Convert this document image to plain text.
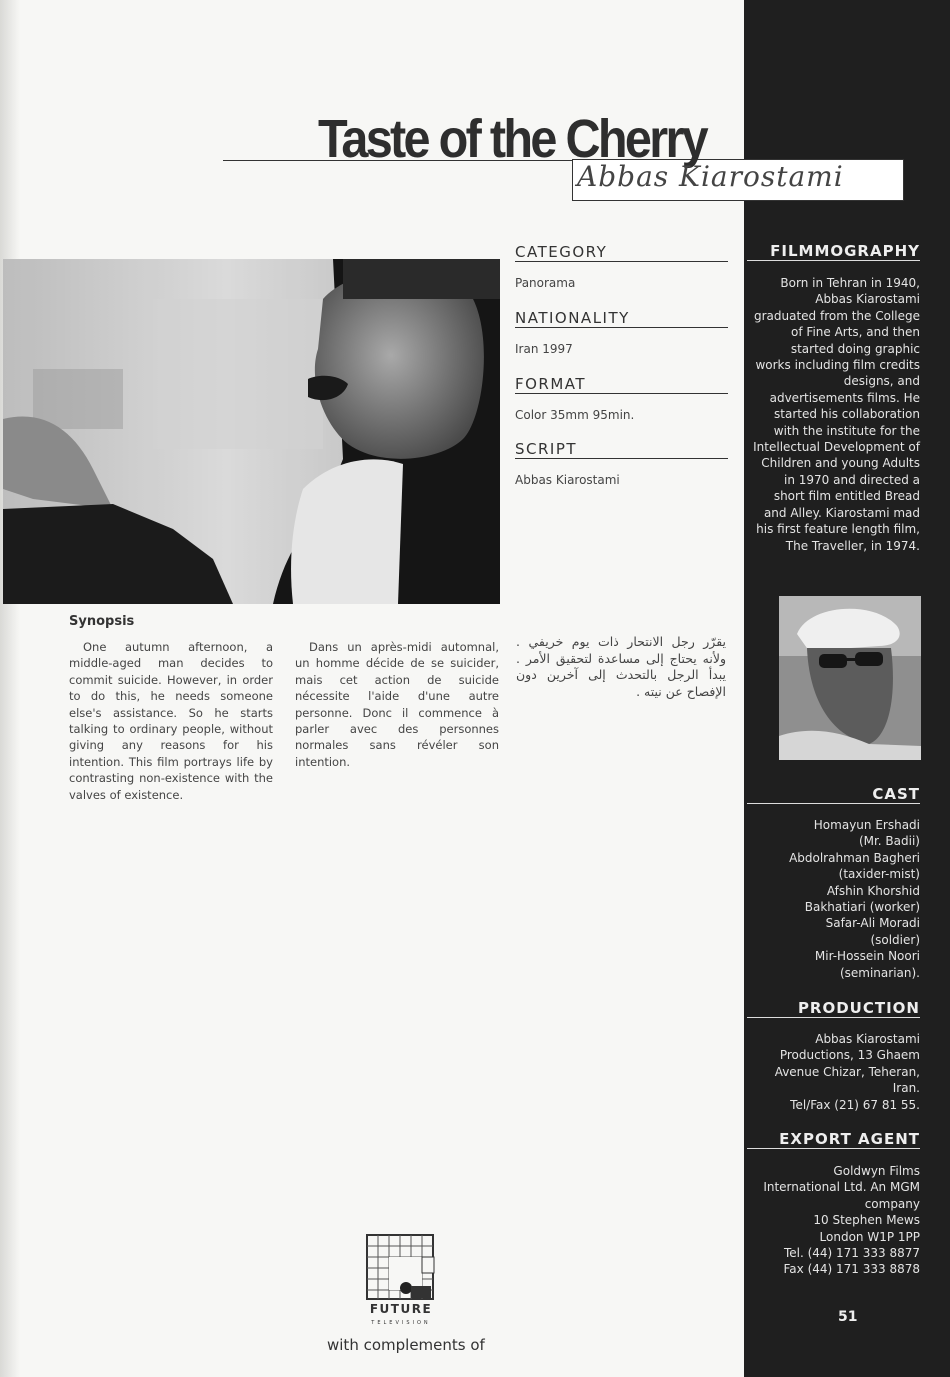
Taste of the Cherry
Abbas Kiarostami
CATEGORY
Panorama
NATIONALITY
Iran 1997
FORMAT
Color 35mm 95min.
SCRIPT
Abbas Kiarostami
Synopsis
One autumn afternoon, a middle-aged man decides to commit suicide. However, in order to do this, he needs someone else's assistance. So he starts talking to ordinary people, without giving any reasons for his intention. This film portrays life by contrasting non-existence with the valves of existence.
Dans un après-midi automnal, un homme décide de se suicider, mais cet action de suicide nécessite l'aide d'une autre personne. Donc il commence à parler avec des personnes normales sans révéler son intention.
يقرّر رجل الانتحار ذات يوم خريفي . ولأنه يحتاج إلى مساعدة لتحقيق الأمر . يبدأ الرجل بالتحدث إلى آخرين دون الإفصاح عن نيته .
FILMMOGRAPHY
Born in Tehran in 1940, Abbas Kiarostami graduated from the College of Fine Arts, and then started doing graphic works including film credits designs, and advertisements films. He started his collaboration with the institute for the Intellectual Development of Children and young Adults in 1970 and directed a short film entitled Bread and Alley. Kiarostami mad his first feature length film, The Traveller, in 1974.
CAST
Homayun Ershadi
(Mr. Badii)
Abdolrahman Bagheri
(taxider-mist)
Afshin Khorshid
Bakhatiari (worker)
Safar-Ali Moradi
(soldier)
Mir-Hossein Noori
(seminarian).
PRODUCTION
Abbas Kiarostami
Productions, 13 Ghaem
Avenue Chizar, Teheran,
Iran.
Tel/Fax (21) 67 81 55.
EXPORT AGENT
Goldwyn Films
International Ltd. An MGM
company
10 Stephen Mews
London W1P 1PP
Tel. (44) 171 333 8877
Fax (44) 171 333 8878
51
FUTURE
TELEVISION
with complements of
